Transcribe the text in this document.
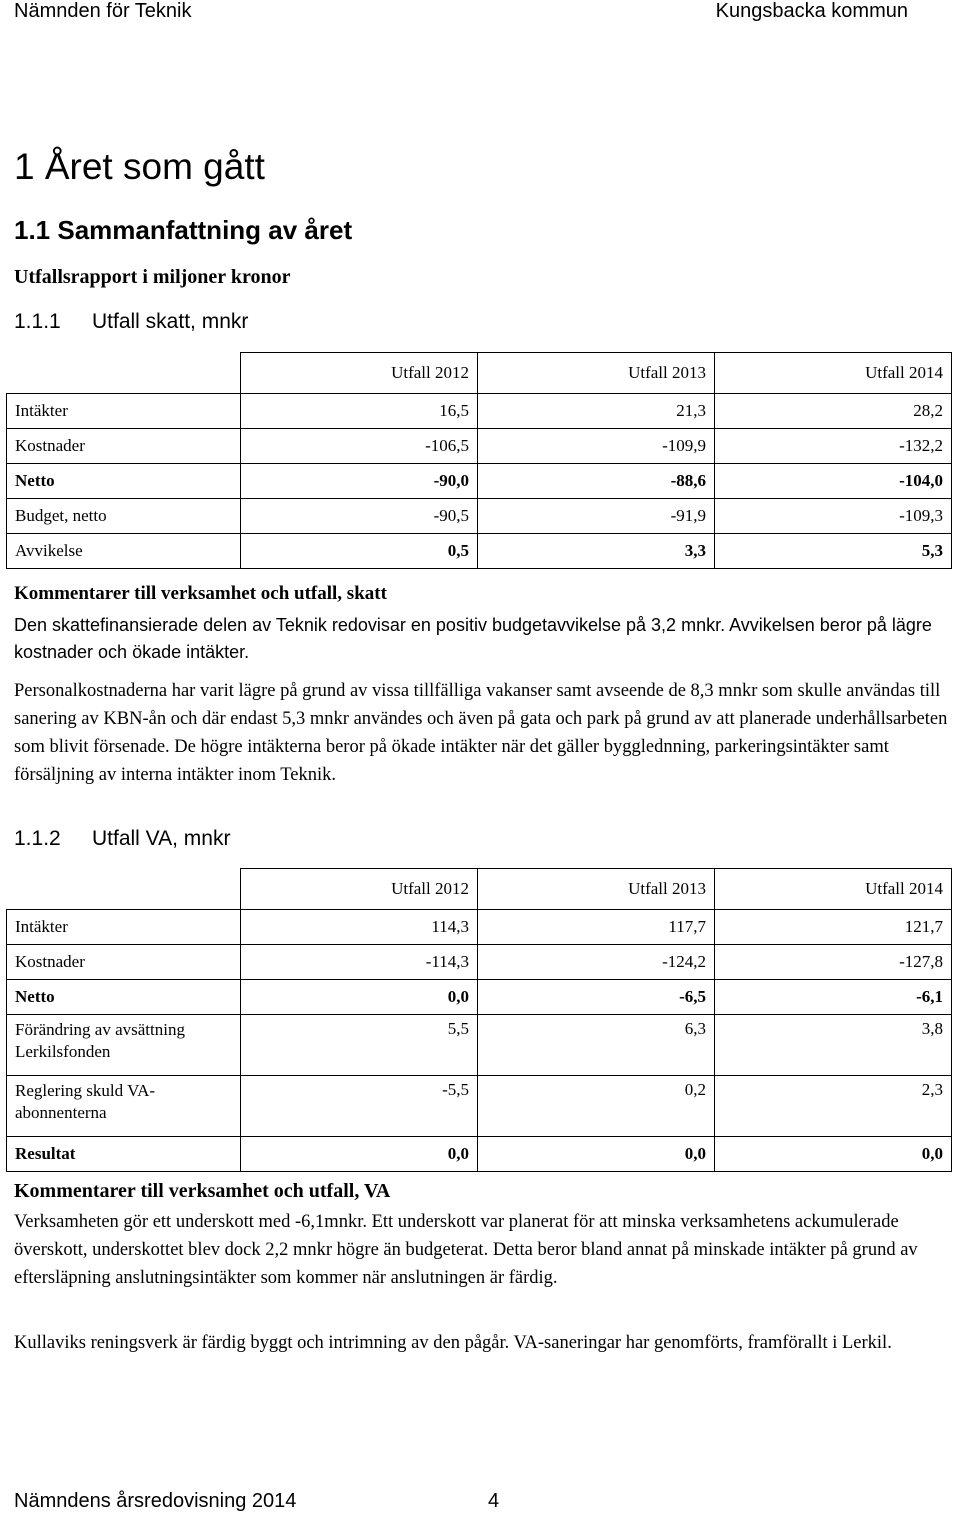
Nämnden för Teknik	Kungsbacka kommun
1 Året som gått
1.1 Sammanfattning av året
Utfallsrapport i miljoner kronor
1.1.1 Utfall skatt, mnkr
	Utfall 2012	Utfall 2013	Utfall 2014
Intäkter	16,5	21,3	28,2
Kostnader	-106,5	-109,9	-132,2
Netto	-90,0	-88,6	-104,0
Budget, netto	-90,5	-91,9	-109,3
Avvikelse	0,5	3,3	5,3
Kommentarer till verksamhet och utfall, skatt
Den skattefinansierade delen av Teknik redovisar en positiv budgetavvikelse på 3,2 mnkr. Avvikelsen beror på lägre kostnader och ökade intäkter.
Personalkostnaderna har varit lägre på grund av vissa tillfälliga vakanser samt avseende de 8,3 mnkr som skulle användas till sanering av KBN-ån och där endast 5,3 mnkr användes och även på gata och park på grund av att planerade underhållsarbeten som blivit försenade. De högre intäkterna beror på ökade intäkter när det gäller bygglednning, parkeringsintäkter samt försäljning av interna intäkter inom Teknik.
1.1.2 Utfall VA, mnkr
	Utfall 2012	Utfall 2013	Utfall 2014
Intäkter	114,3	117,7	121,7
Kostnader	-114,3	-124,2	-127,8
Netto	0,0	-6,5	-6,1
Förändring av avsättning Lerkilsfonden	5,5	6,3	3,8
Reglering skuld VA-abonnenterna	-5,5	0,2	2,3
Resultat	0,0	0,0	0,0
Kommentarer till verksamhet och utfall, VA
Verksamheten gör ett underskott med -6,1mnkr. Ett underskott var planerat för att minska verksamhetens ackumulerade överskott, underskottet blev dock 2,2 mnkr högre än budgeterat. Detta beror bland annat på minskade intäkter på grund av eftersläpning anslutningsintäkter som kommer när anslutningen är färdig.
Kullaviks reningsverk är färdig byggt och intrimning av den pågår. VA-saneringar har genomförts, framförallt i Lerkil.
Nämndens årsredovisning 2014	4
